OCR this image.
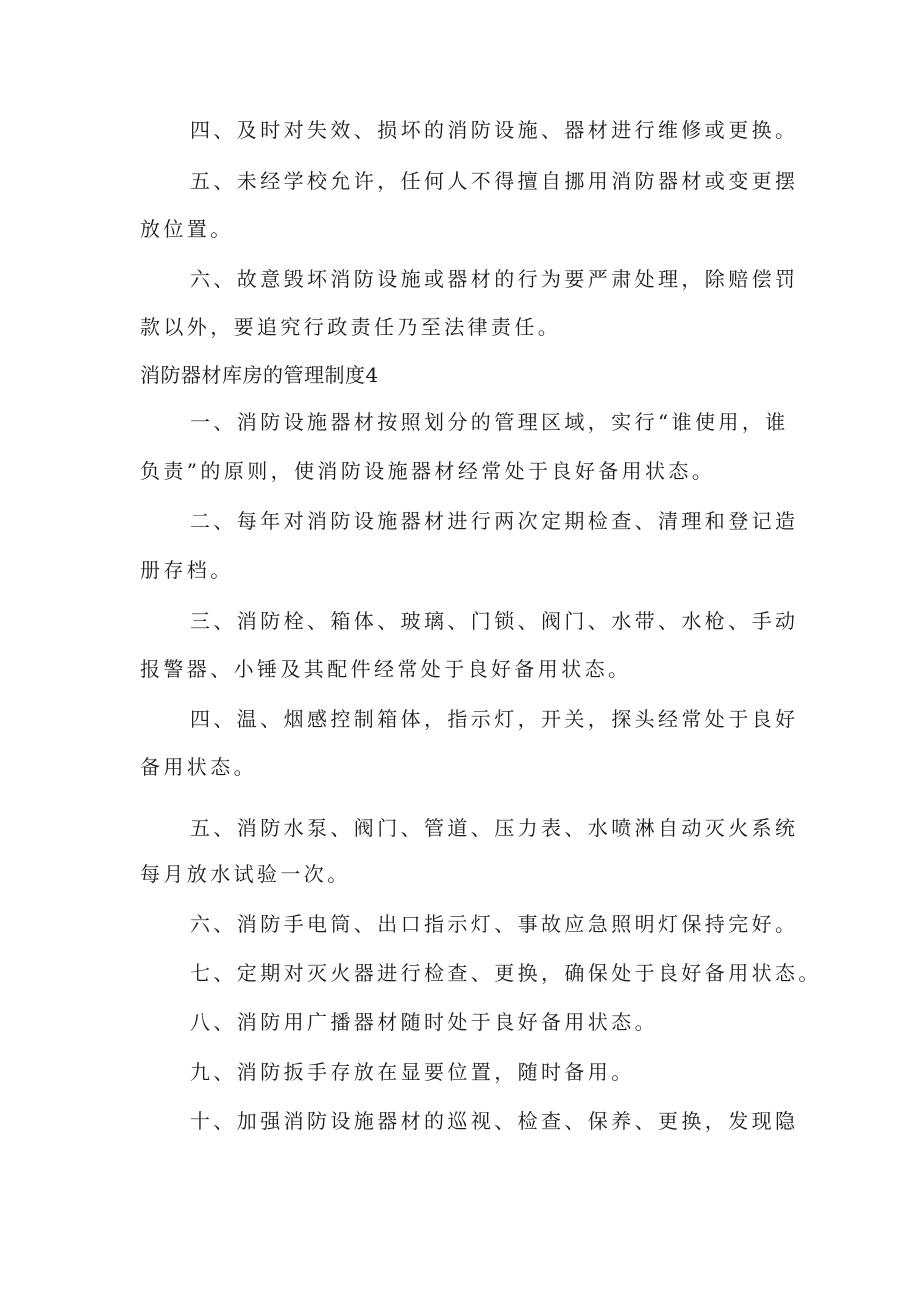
四、及时对失效、损坏的消防设施、器材进行维修或更换。
五、未经学校允许，任何人不得擅自挪用消防器材或变更摆
放位置。
六、故意毁坏消防设施或器材的行为要严肃处理，除赔偿罚
款以外，要追究行政责任乃至法律责任。
消防器材库房的管理制度4
一、消防设施器材按照划分的管理区域，实行“谁使用，谁
负责”的原则，使消防设施器材经常处于良好备用状态。
二、每年对消防设施器材进行两次定期检查、清理和登记造
册存档。
三、消防栓、箱体、玻璃、门锁、阀门、水带、水枪、手动
报警器、小锤及其配件经常处于良好备用状态。
四、温、烟感控制箱体，指示灯，开关，探头经常处于良好
备用状态。
五、消防水泵、阀门、管道、压力表、水喷淋自动灭火系统
每月放水试验一次。
六、消防手电筒、出口指示灯、事故应急照明灯保持完好。
七、定期对灭火器进行检查、更换，确保处于良好备用状态。
八、消防用广播器材随时处于良好备用状态。
九、消防扳手存放在显要位置，随时备用。
十、加强消防设施器材的巡视、检查、保养、更换，发现隐
